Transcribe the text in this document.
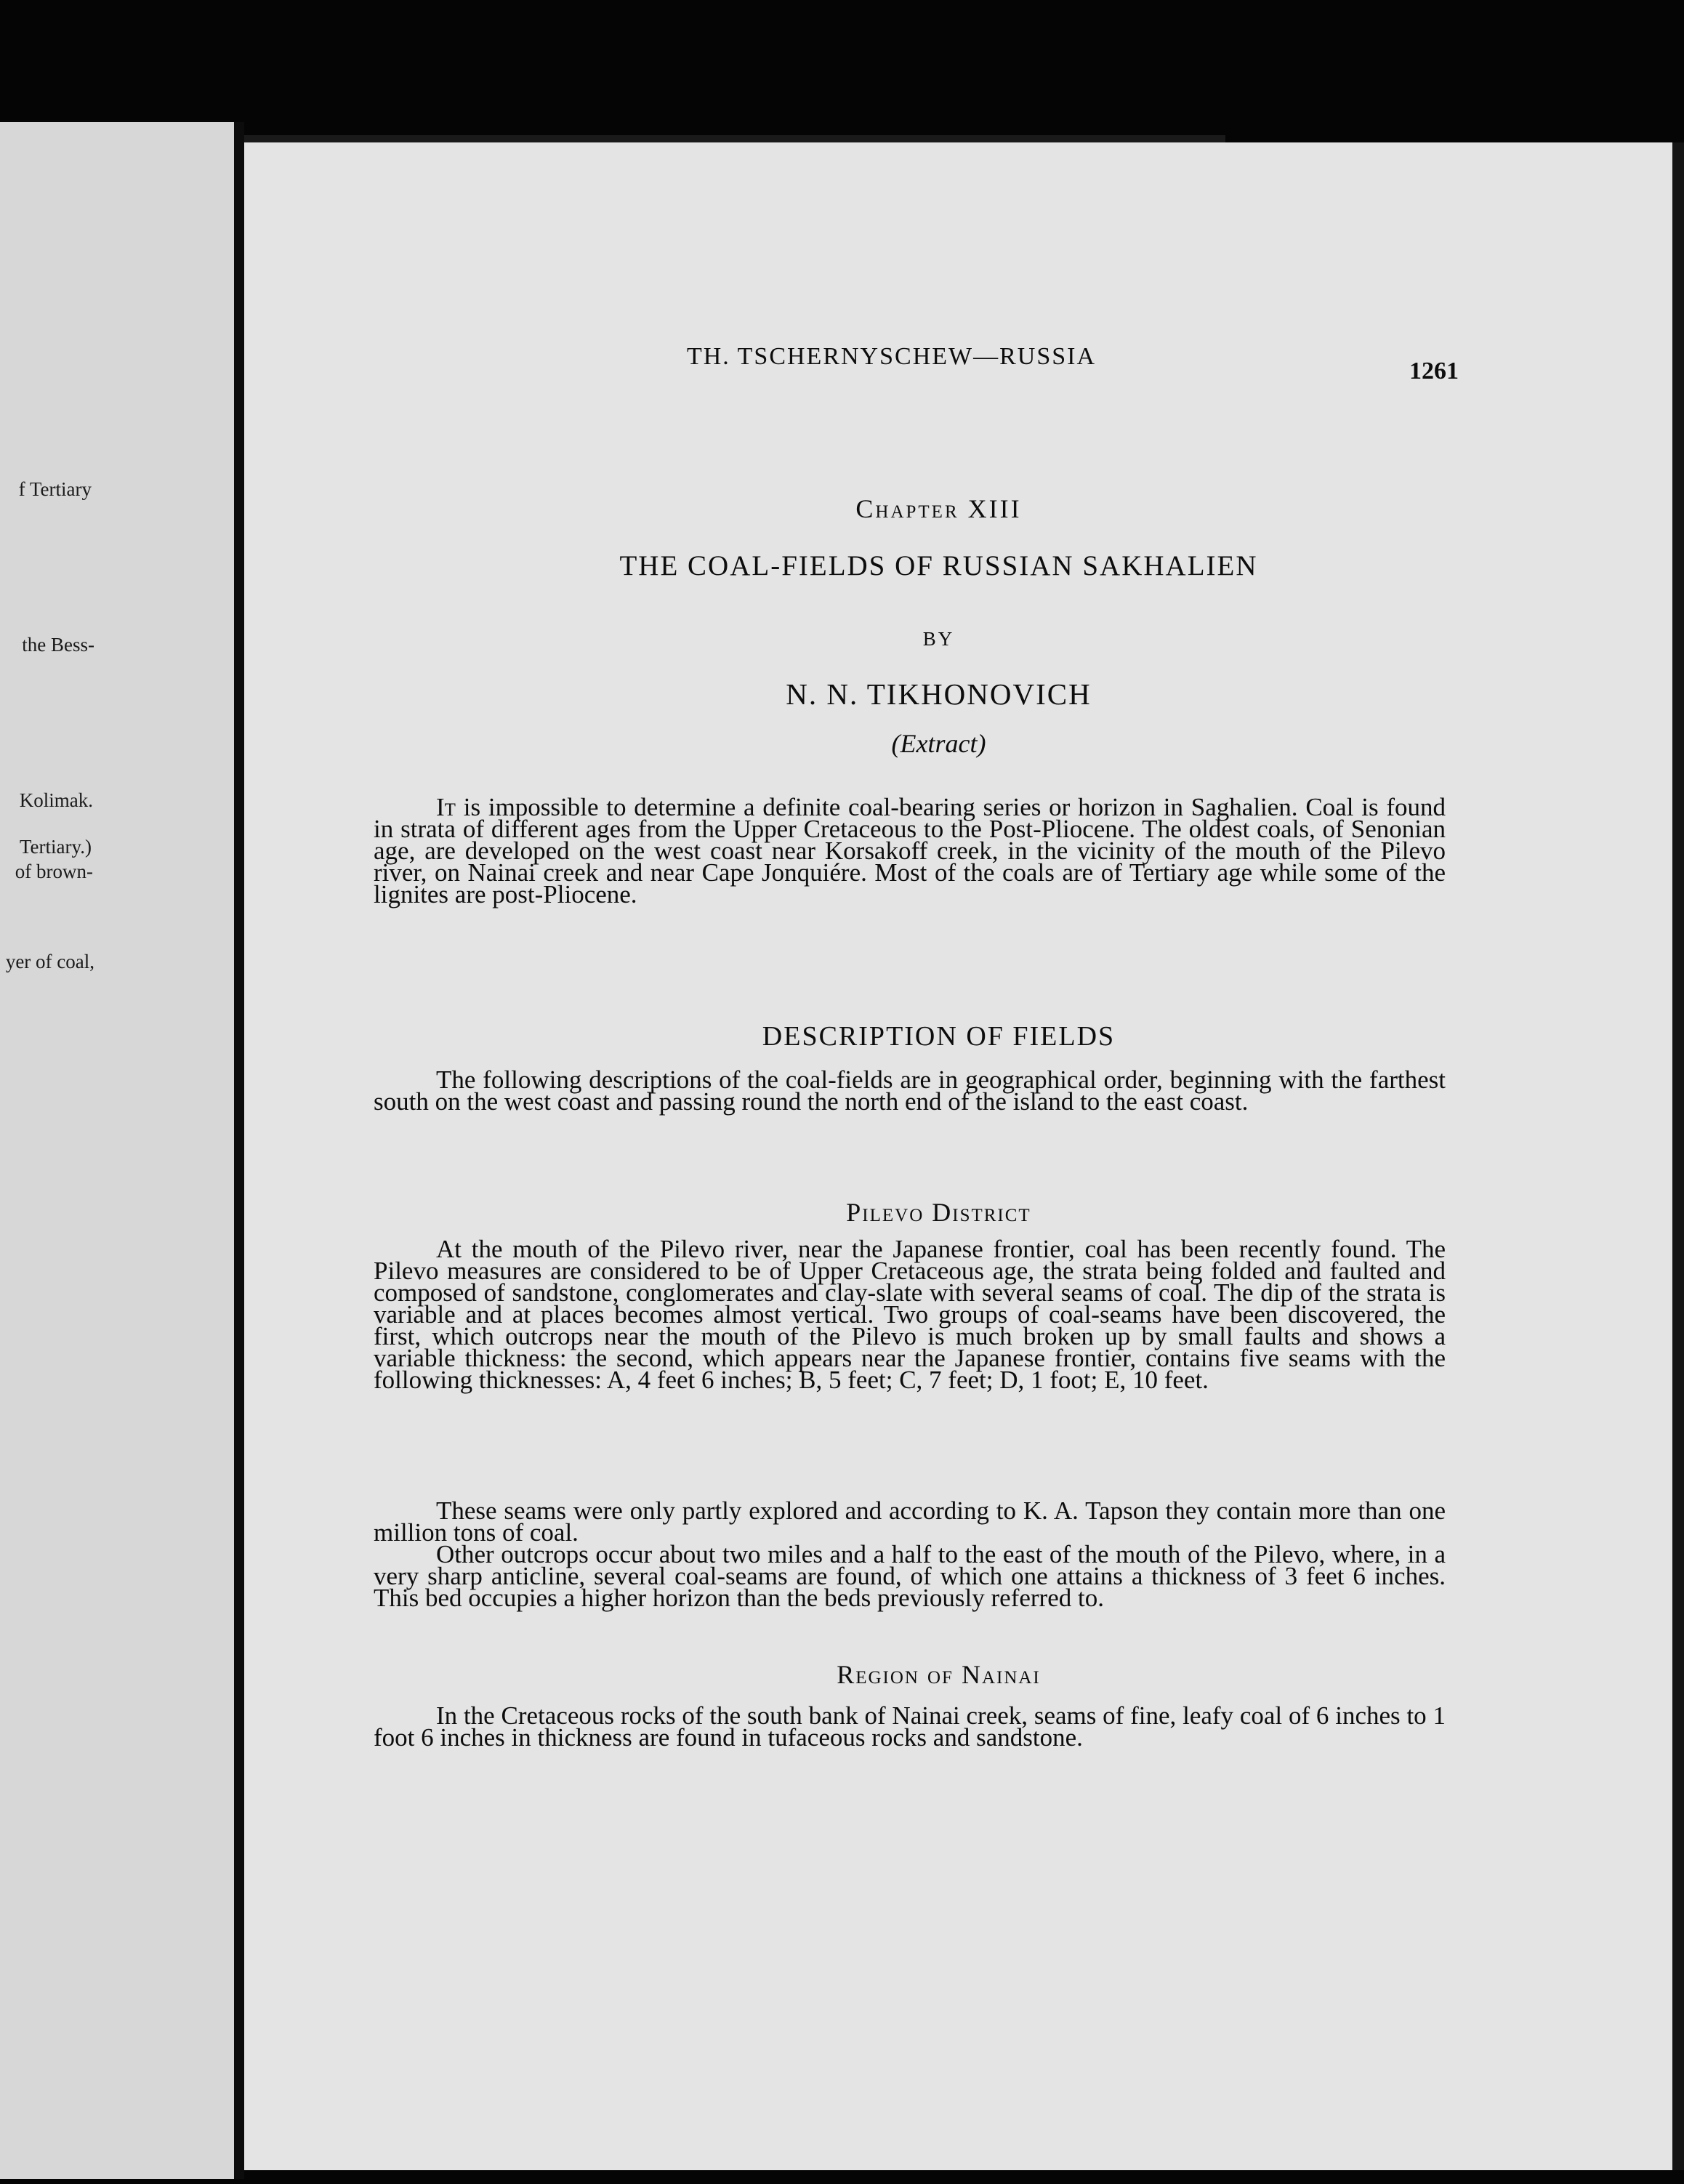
f Tertiary
the Bess-
Kolimak.
Tertiary.)
of brown-
yer of coal,
TH. TSCHERNYSCHEW—RUSSIA
1261
Chapter XIII
THE COAL-FIELDS OF RUSSIAN SAKHALIEN
BY
N. N. TIKHONOVICH
(Extract)

It is impossible to determine a definite coal-bearing series or horizon in Saghalien. Coal is found in strata of different ages from the Upper Cretaceous to the Post-Pliocene. The oldest coals, of Senonian age, are developed on the west coast near Korsakoff creek, in the vicinity of the mouth of the Pilevo river, on Nainai creek and near Cape Jonquiére. Most of the coals are of Tertiary age while some of the lignites are post-Pliocene.

DESCRIPTION OF FIELDS

The following descriptions of the coal-fields are in geographical order, beginning with the farthest south on the west coast and passing round the north end of the island to the east coast.

Pilevo District

At the mouth of the Pilevo river, near the Japanese frontier, coal has been recently found. The Pilevo measures are considered to be of Upper Cretaceous age, the strata being folded and faulted and composed of sandstone, conglomerates and clay-slate with several seams of coal. The dip of the strata is variable and at places becomes almost vertical. Two groups of coal-seams have been discovered, the first, which outcrops near the mouth of the Pilevo is much broken up by small faults and shows a variable thickness: the second, which appears near the Japanese frontier, contains five seams with the following thicknesses: A, 4 feet 6 inches; B, 5 feet; C, 7 feet; D, 1 foot; E, 10 feet.

These seams were only partly explored and according to K. A. Tapson they contain more than one million tons of coal.

Other outcrops occur about two miles and a half to the east of the mouth of the Pilevo, where, in a very sharp anticline, several coal-seams are found, of which one attains a thickness of 3 feet 6 inches. This bed occupies a higher horizon than the beds previously referred to.

Region of Nainai

In the Cretaceous rocks of the south bank of Nainai creek, seams of fine, leafy coal of 6 inches to 1 foot 6 inches in thickness are found in tufaceous rocks and sandstone.
